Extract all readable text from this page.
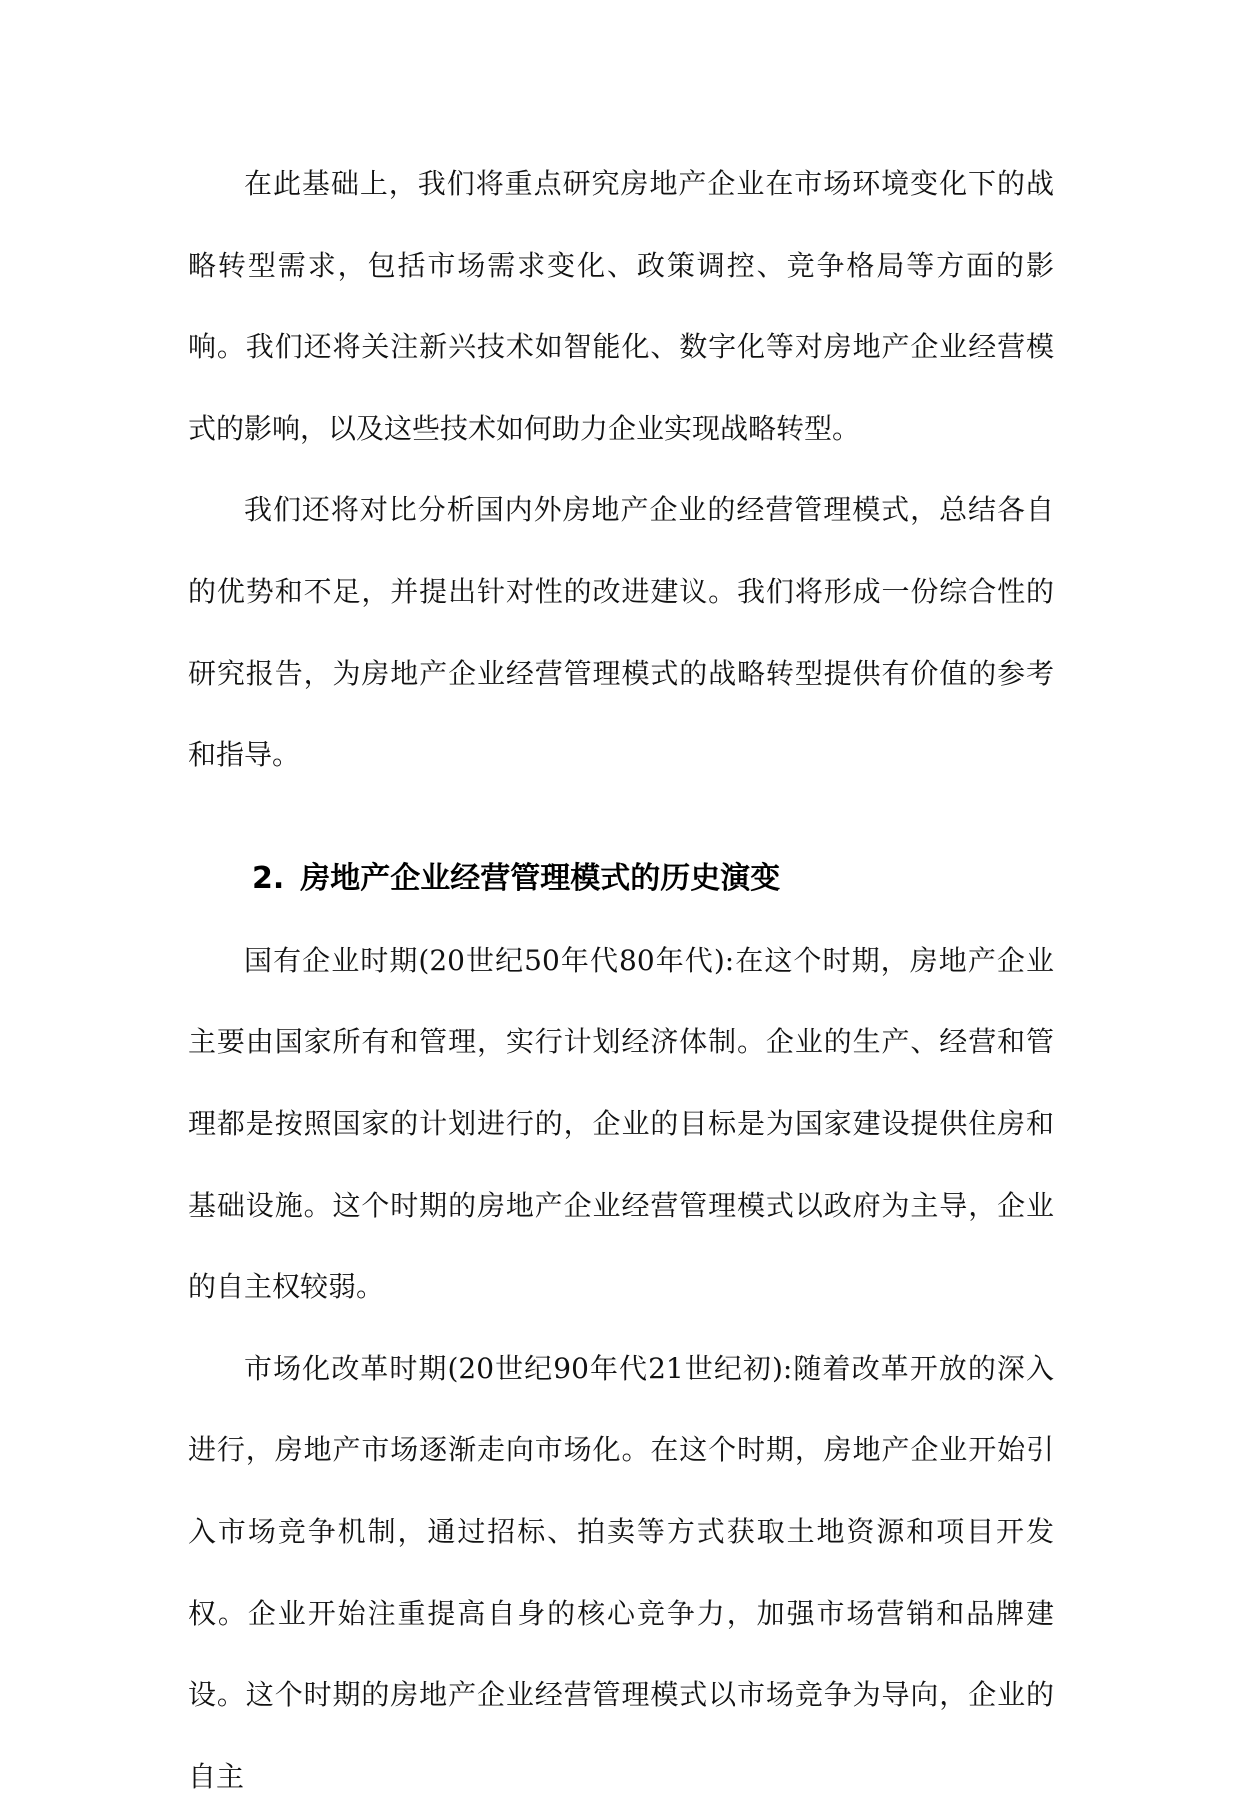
在此基础上，我们将重点研究房地产企业在市场环境变化下的战略转型需求，包括市场需求变化、政策调控、竞争格局等方面的影响。我们还将关注新兴技术如智能化、数字化等对房地产企业经营模式的影响，以及这些技术如何助力企业实现战略转型。

我们还将对比分析国内外房地产企业的经营管理模式，总结各自的优势和不足，并提出针对性的改进建议。我们将形成一份综合性的研究报告，为房地产企业经营管理模式的战略转型提供有价值的参考和指导。

2. 房地产企业经营管理模式的历史演变

国有企业时期(20世纪50年代80年代):在这个时期，房地产企业主要由国家所有和管理，实行计划经济体制。企业的生产、经营和管理都是按照国家的计划进行的，企业的目标是为国家建设提供住房和基础设施。这个时期的房地产企业经营管理模式以政府为主导，企业的自主权较弱。

市场化改革时期(20世纪90年代21世纪初):随着改革开放的深入进行，房地产市场逐渐走向市场化。在这个时期，房地产企业开始引入市场竞争机制，通过招标、拍卖等方式获取土地资源和项目开发权。企业开始注重提高自身的核心竞争力，加强市场营销和品牌建设。这个时期的房地产企业经营管理模式以市场竞争为导向，企业的自主
